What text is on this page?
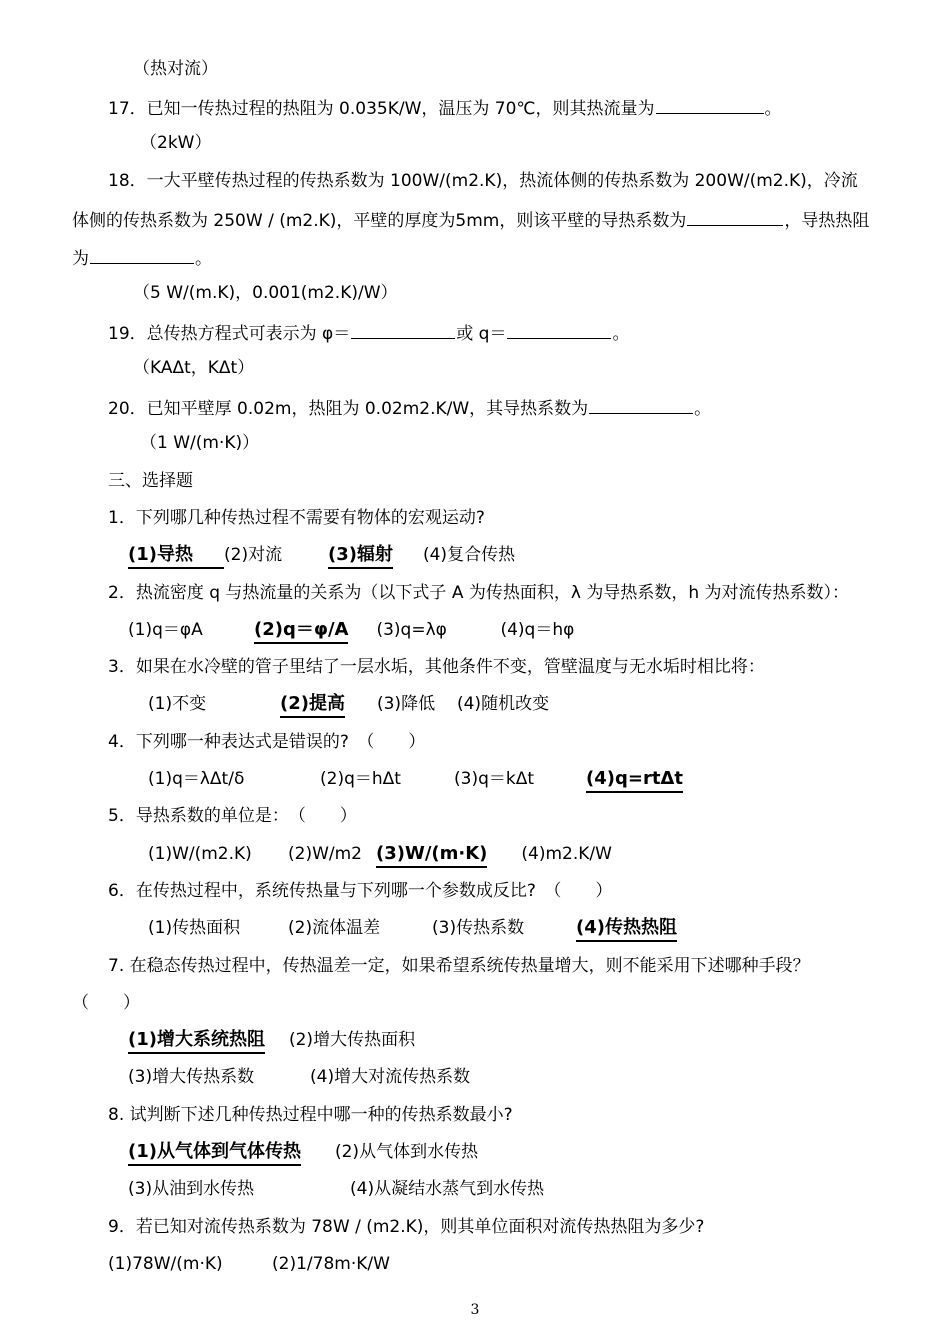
（热对流）
17．已知一传热过程的热阻为 0.035K/W，温压为 70℃，则其热流量为	。
（2kW）
18．一大平壁传热过程的传热系数为 100W/(m2.K)，热流体侧的传热系数为 200W/(m2.K)，冷流
体侧的传热系数为 250W / (m2.K)，平壁的厚度为5mm，则该平壁的导热系数为	，导热热阻
为	。
（5 W/(m.K)，0.001(m2.K)/W）
19．总传热方程式可表示为 φ＝	或 q＝	。
（KAΔt，KΔt）
20．已知平壁厚 0.02m，热阻为 0.02m2.K/W，其导热系数为	。
（1 W/(m·K)）
三、选择题
1．下列哪几种传热过程不需要有物体的宏观运动?
(1)导热 (2)对流	(3)辐射 (4)复合传热
2．热流密度 q 与热流量的关系为（以下式子 A 为传热面积，λ 为导热系数，h 为对流传热系数）：
(1)q＝φA	(2)q＝φ/A (3)q=λφ	(4)q＝hφ
3．如果在水冷壁的管子里结了一层水垢，其他条件不变，管壁温度与无水垢时相比将：
(1)不变	(2)提高 (3)降低 (4)随机改变
4．下列哪一种表达式是错误的?　（　　）
(1)q＝λΔt/δ	(2)q＝hΔt	(3)q＝kΔt	(4)q=rtΔt
5．导热系数的单位是：　（　　）
(1)W/(m2.K) (2)W/m2 (3)W/(m·K) (4)m2.K/W
6．在传热过程中，系统传热量与下列哪一个参数成反比?　（　　）
(1)传热面积	(2)流体温差	(3)传热系数	(4)传热热阻
7. 在稳态传热过程中，传热温差一定，如果希望系统传热量增大，则不能采用下述哪种手段？
（　　）
(1)增大系统热阻 (2)增大传热面积
(3)增大传热系数	(4)增大对流传热系数
8. 试判断下述几种传热过程中哪一种的传热系数最小?
(1)从气体到气体传热 (2)从气体到水传热
(3)从油到水传热	(4)从凝结水蒸气到水传热
9．若已知对流传热系数为 78W / (m2.K)，则其单位面积对流传热热阻为多少?
(1)78W/(m·K)	(2)1/78m·K/W
3
